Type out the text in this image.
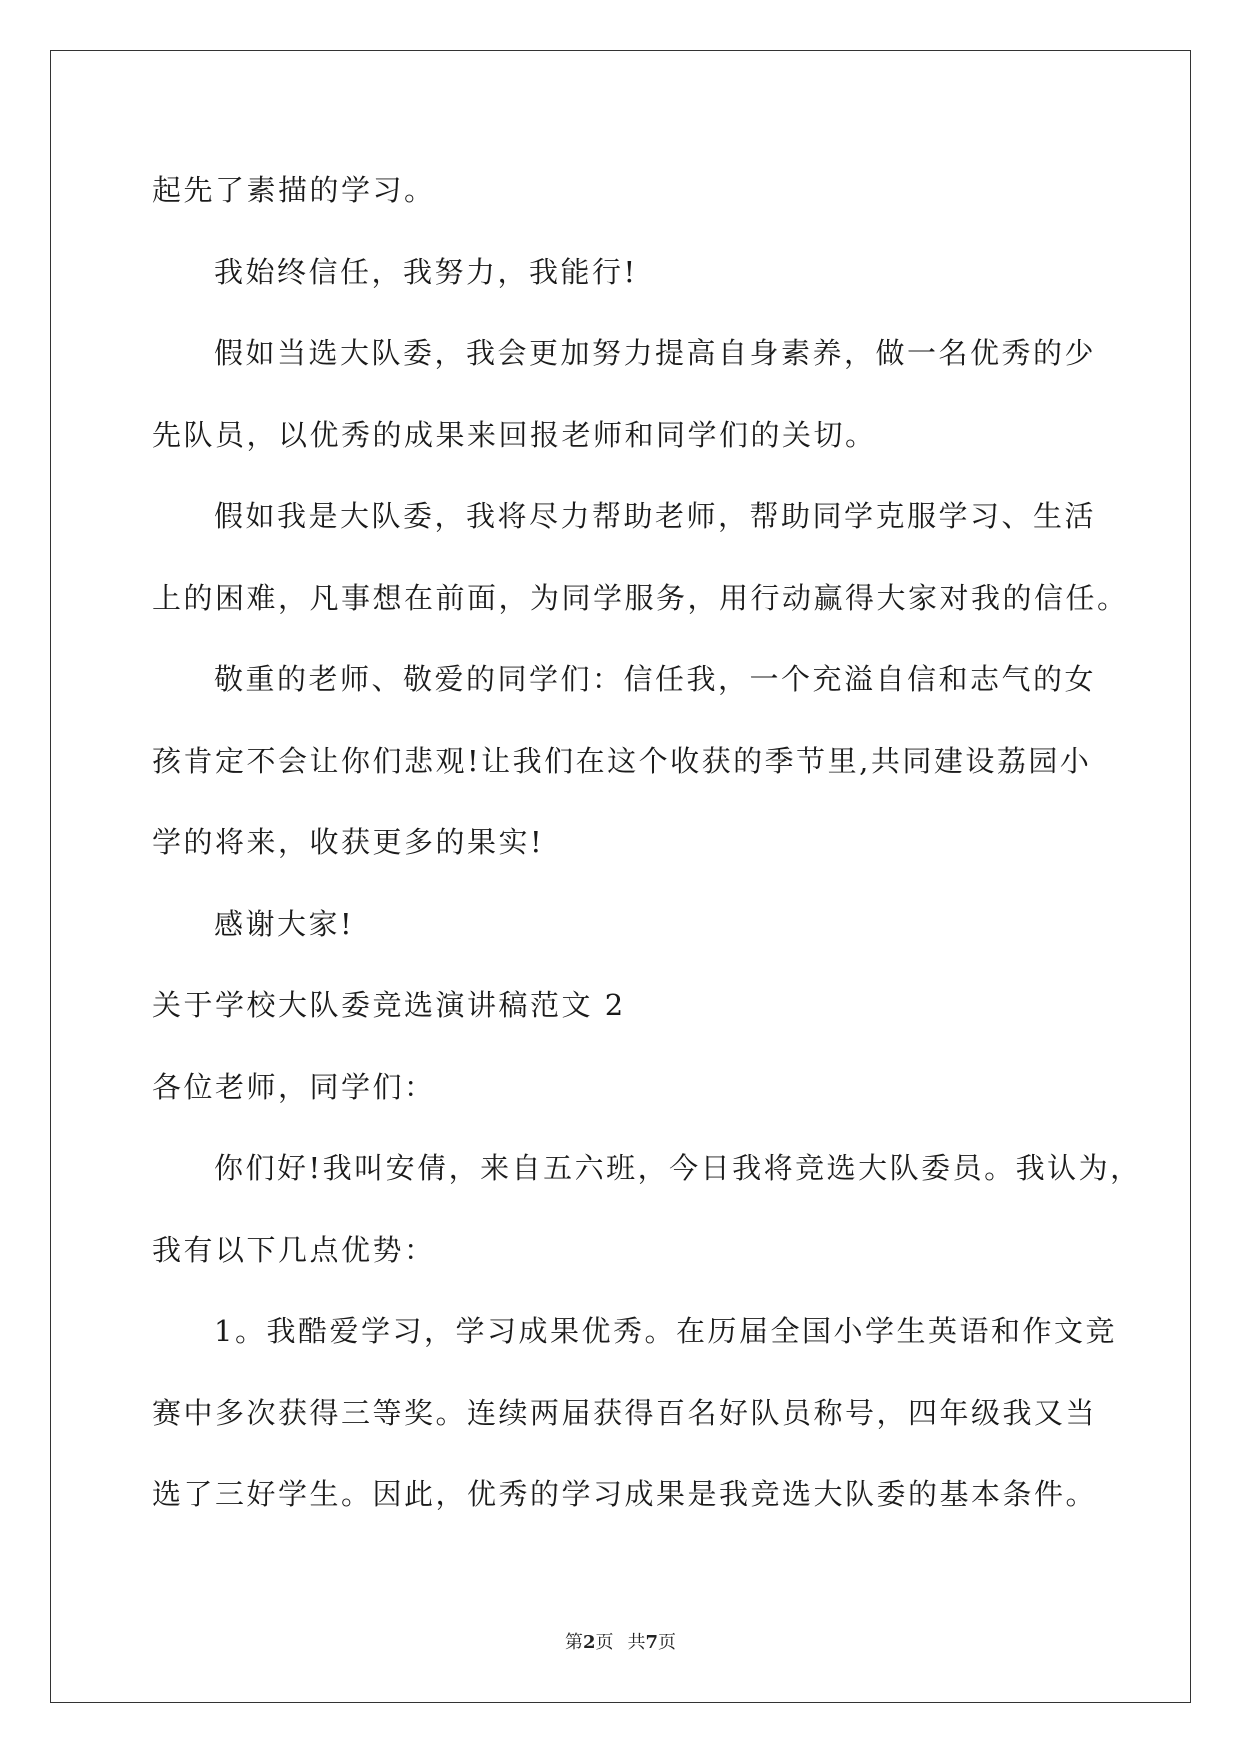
起先了素描的学习。
我始终信任，我努力，我能行!
假如当选大队委，我会更加努力提高自身素养，做一名优秀的少
先队员，以优秀的成果来回报老师和同学们的关切。
假如我是大队委，我将尽力帮助老师，帮助同学克服学习、生活
上的困难，凡事想在前面，为同学服务，用行动赢得大家对我的信任。
敬重的老师、敬爱的同学们：信任我，一个充溢自信和志气的女
孩肯定不会让你们悲观!让我们在这个收获的季节里,共同建设荔园小
学的将来，收获更多的果实!
感谢大家!
关于学校大队委竞选演讲稿范文 2
各位老师，同学们：
你们好!我叫安倩，来自五六班，今日我将竞选大队委员。我认为，
我有以下几点优势：
1。我酷爱学习，学习成果优秀。在历届全国小学生英语和作文竞
赛中多次获得三等奖。连续两届获得百名好队员称号，四年级我又当
选了三好学生。因此，优秀的学习成果是我竞选大队委的基本条件。
第2页 共7页
